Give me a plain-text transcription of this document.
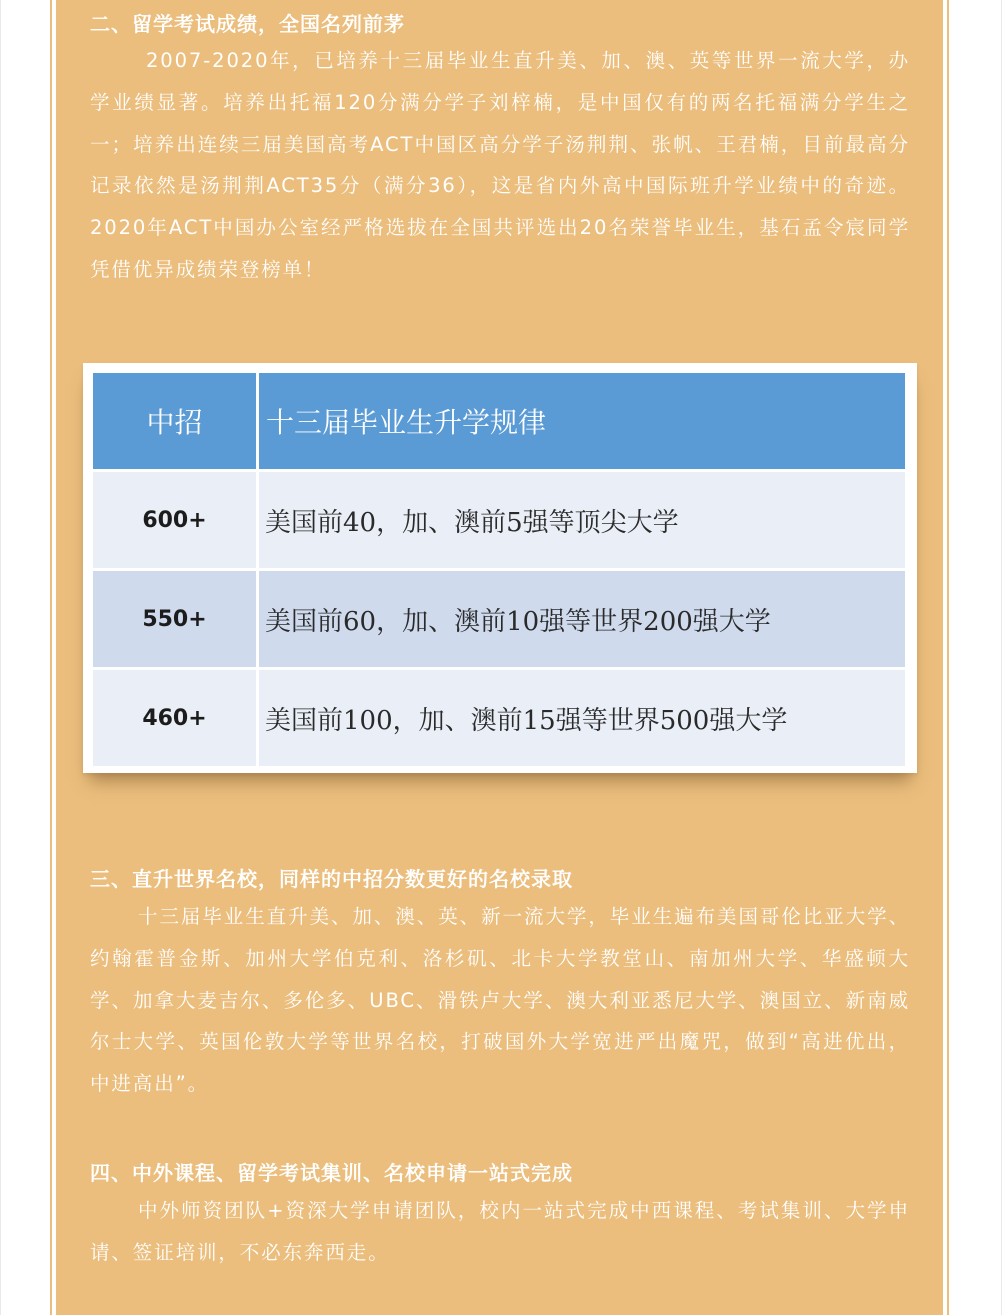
二、留学考试成绩，全国名列前茅

2007-2020年，已培养十三届毕业生直升美、加、澳、英等世界一流大学，办学业绩显著。培养出托福120分满分学子刘梓楠，是中国仅有的两名托福满分学生之一；培养出连续三届美国高考ACT中国区高分学子汤荆荆、张帆、王君楠，目前最高分记录依然是汤荆荆ACT35分（满分36），这是省内外高中国际班升学业绩中的奇迹。2020年ACT中国办公室经严格选拔在全国共评选出20名荣誉毕业生，基石孟令宸同学凭借优异成绩荣登榜单！

中招	十三届毕业生升学规律
600+	美国前40，加、澳前5强等顶尖大学
550+	美国前60，加、澳前10强等世界200强大学
460+	美国前100，加、澳前15强等世界500强大学
三、直升世界名校，同样的中招分数更好的名校录取

十三届毕业生直升美、加、澳、英、新一流大学，毕业生遍布美国哥伦比亚大学、约翰霍普金斯、加州大学伯克利、洛杉矶、北卡大学教堂山、南加州大学、华盛顿大学、加拿大麦吉尔、多伦多、UBC、滑铁卢大学、澳大利亚悉尼大学、澳国立、新南威尔士大学、英国伦敦大学等世界名校，打破国外大学宽进严出魔咒，做到“高进优出，中进高出”。

四、中外课程、留学考试集训、名校申请一站式完成

中外师资团队+资深大学申请团队，校内一站式完成中西课程、考试集训、大学申请、签证培训，不必东奔西走。
